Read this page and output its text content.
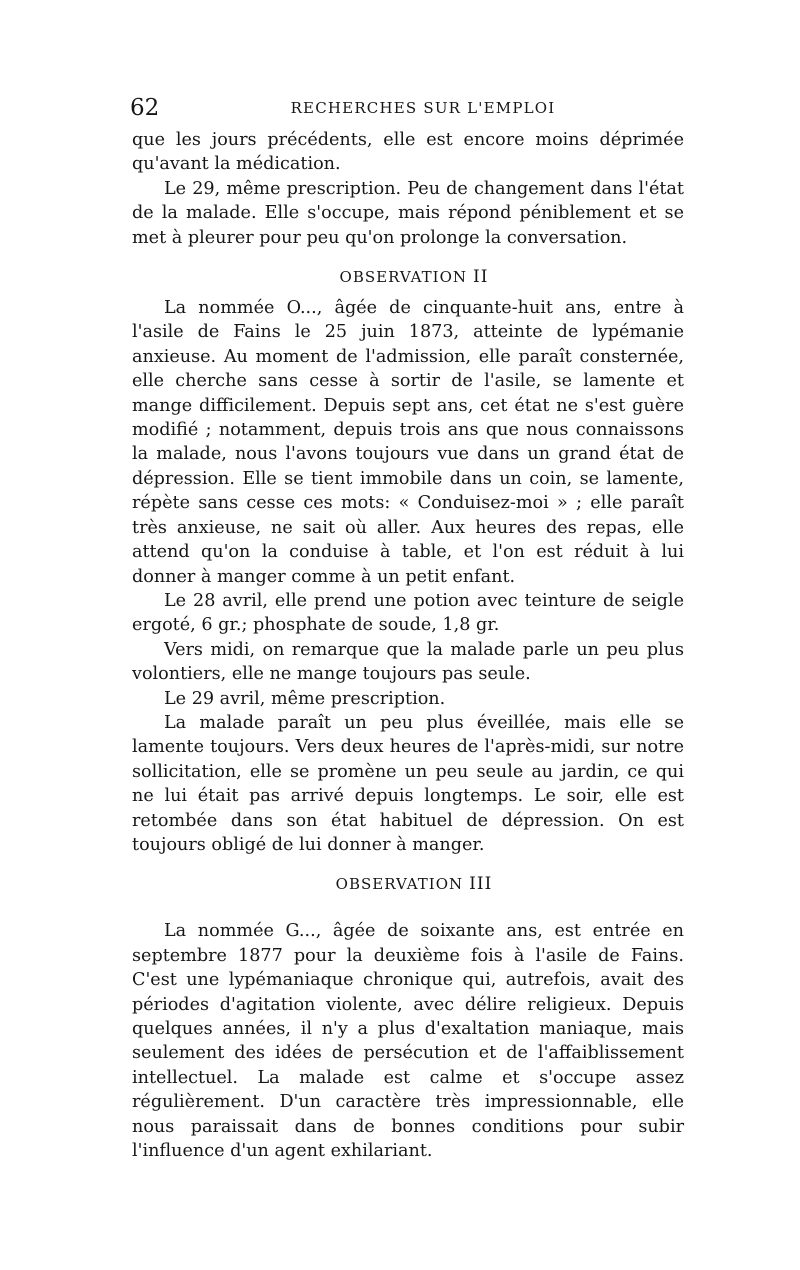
62	RECHERCHES SUR L'EMPLOI

que les jours précédents, elle est encore moins déprimée qu'avant la médication.

Le 29, même prescription. Peu de changement dans l'état de la malade. Elle s'occupe, mais répond péniblement et se met à pleurer pour peu qu'on prolonge la conversation.

OBSERVATION II

La nommée O..., âgée de cinquante-huit ans, entre à l'asile de Fains le 25 juin 1873, atteinte de lypémanie anxieuse. Au moment de l'admission, elle paraît consternée, elle cherche sans cesse à sortir de l'asile, se lamente et mange difficilement. Depuis sept ans, cet état ne s'est guère modifié ; notamment, depuis trois ans que nous connaissons la malade, nous l'avons toujours vue dans un grand état de dépression. Elle se tient immobile dans un coin, se lamente, répète sans cesse ces mots: « Conduisez-moi » ; elle paraît très anxieuse, ne sait où aller. Aux heures des repas, elle attend qu'on la conduise à table, et l'on est réduit à lui donner à manger comme à un petit enfant.

Le 28 avril, elle prend une potion avec teinture de seigle ergoté, 6 gr.; phosphate de soude, 1,8 gr.

Vers midi, on remarque que la malade parle un peu plus volontiers, elle ne mange toujours pas seule.

Le 29 avril, même prescription.

La malade paraît un peu plus éveillée, mais elle se lamente toujours. Vers deux heures de l'après-midi, sur notre sollicitation, elle se promène un peu seule au jardin, ce qui ne lui était pas arrivé depuis longtemps. Le soir, elle est retombée dans son état habituel de dépression. On est toujours obligé de lui donner à manger.

OBSERVATION III

La nommée G..., âgée de soixante ans, est entrée en septembre 1877 pour la deuxième fois à l'asile de Fains. C'est une lypémaniaque chronique qui, autrefois, avait des périodes d'agitation violente, avec délire religieux. Depuis quelques années, il n'y a plus d'exaltation maniaque, mais seulement des idées de persécution et de l'affaiblissement intellectuel. La malade est calme et s'occupe assez régulièrement. D'un caractère très impressionnable, elle nous paraissait dans de bonnes conditions pour subir l'influence d'un agent exhilariant.
